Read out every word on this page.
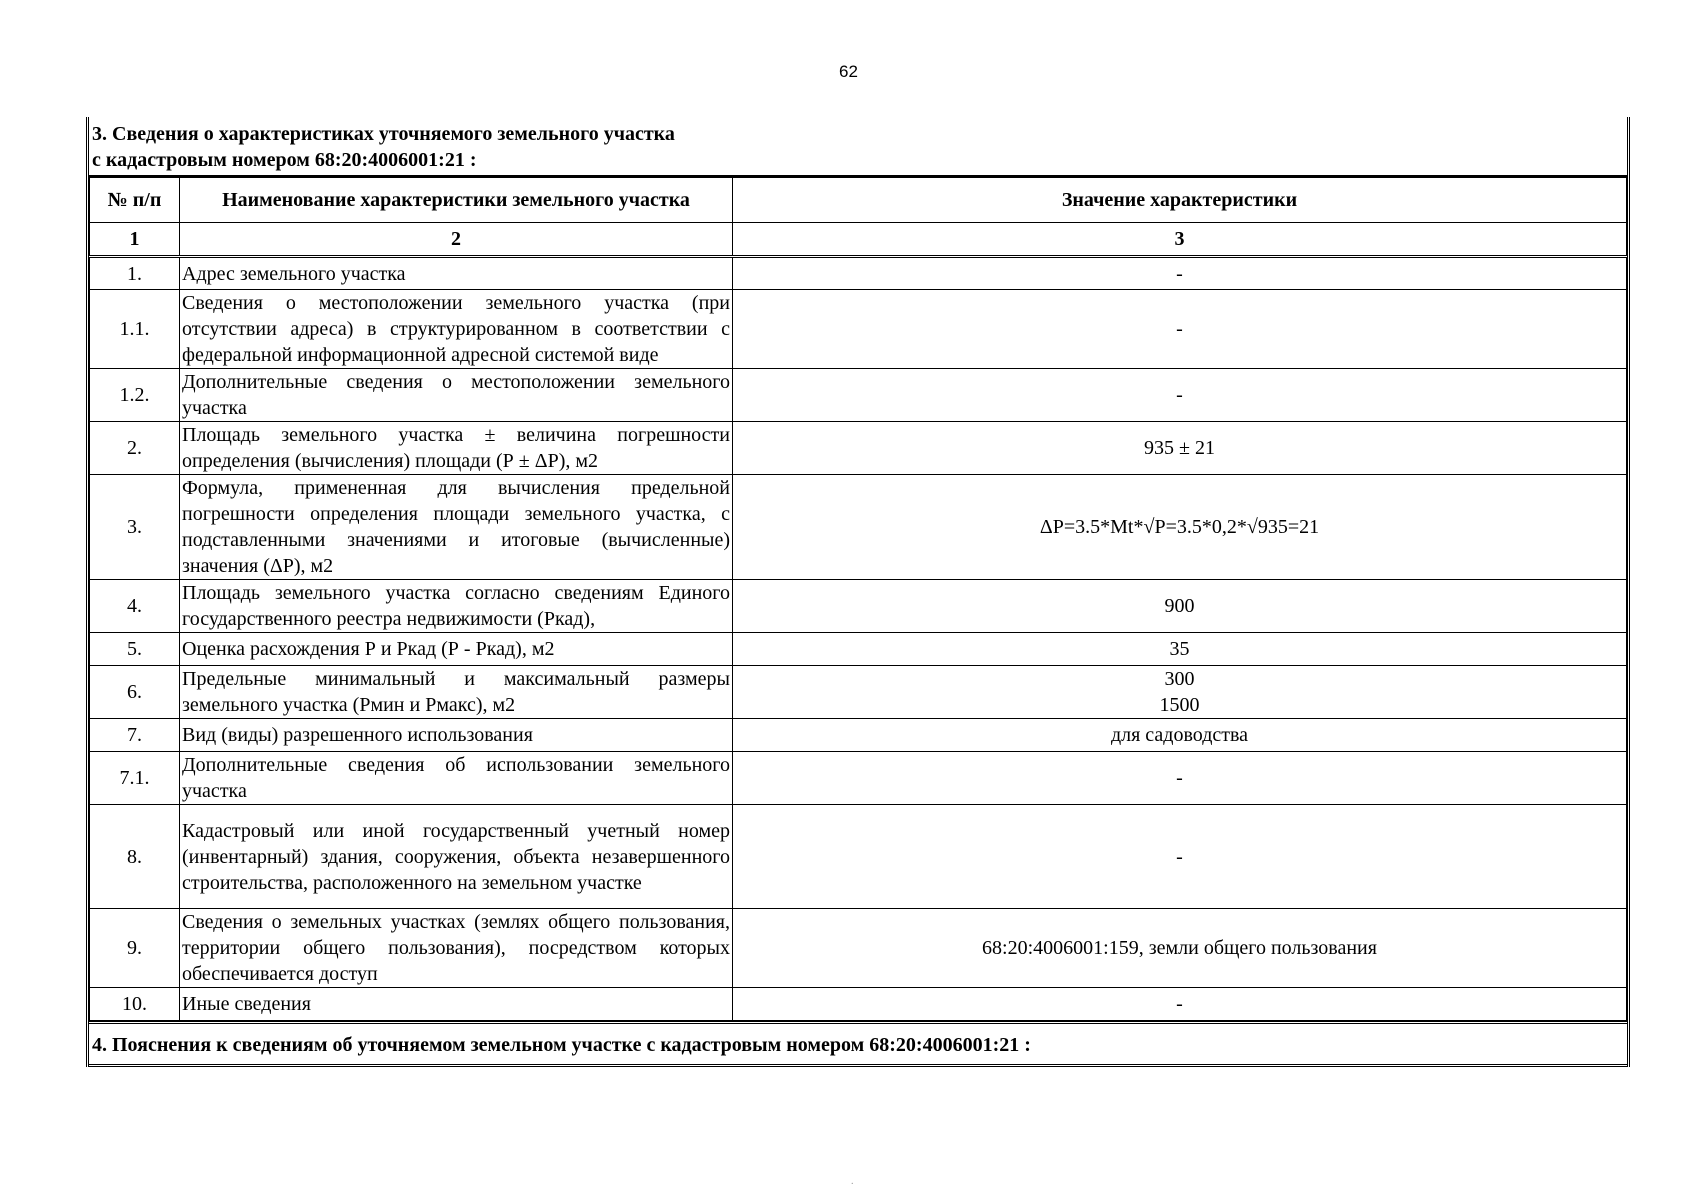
62
3. Сведения о характеристиках уточняемого земельного участка
с кадастровым номером 68:20:4006001:21 :
№ п/п	Наименование характеристики земельного участка	Значение характеристики
1	2	3
1.	Адрес земельного участка	-
1.1.	Сведения о местоположении земельного участка (при отсутствии адреса) в структурированном в соответствии с федеральной информационной адресной системой виде	-
1.2.	Дополнительные сведения о местоположении земельного участка	-
2.	Площадь земельного участка ± величина погрешности определения (вычисления) площади (Р ± ΔР), м2	935 ± 21
3.	Формула, примененная для вычисления предельной погрешности определения площади земельного участка, с подставленными значениями и итоговые (вычисленные) значения (ΔР), м2	ΔР=3.5*Mt*√Р=3.5*0,2*√935=21
4.	Площадь земельного участка согласно сведениям Единого государственного реестра недвижимости (Ркад),	900
5.	Оценка расхождения Р и Ркад (Р - Ркад), м2	35
6.	Предельные минимальный и максимальный размеры земельного участка (Рмин и Рмакс), м2	300
1500

7.	Вид (виды) разрешенного использования	для садоводства
7.1.	Дополнительные сведения об использовании земельного участка	-
8.	Кадастровый или иной государственный учетный номер (инвентарный) здания, сооружения, объекта незавершенного строительства, расположенного на земельном участке	-
9.	Сведения о земельных участках (землях общего пользования, территории общего пользования), посредством которых обеспечивается доступ	68:20:4006001:159, земли общего пользования
10.	Иные сведения	-
4. Пояснения к сведениям об уточняемом земельном участке с кадастровым номером 68:20:4006001:21 :
.
